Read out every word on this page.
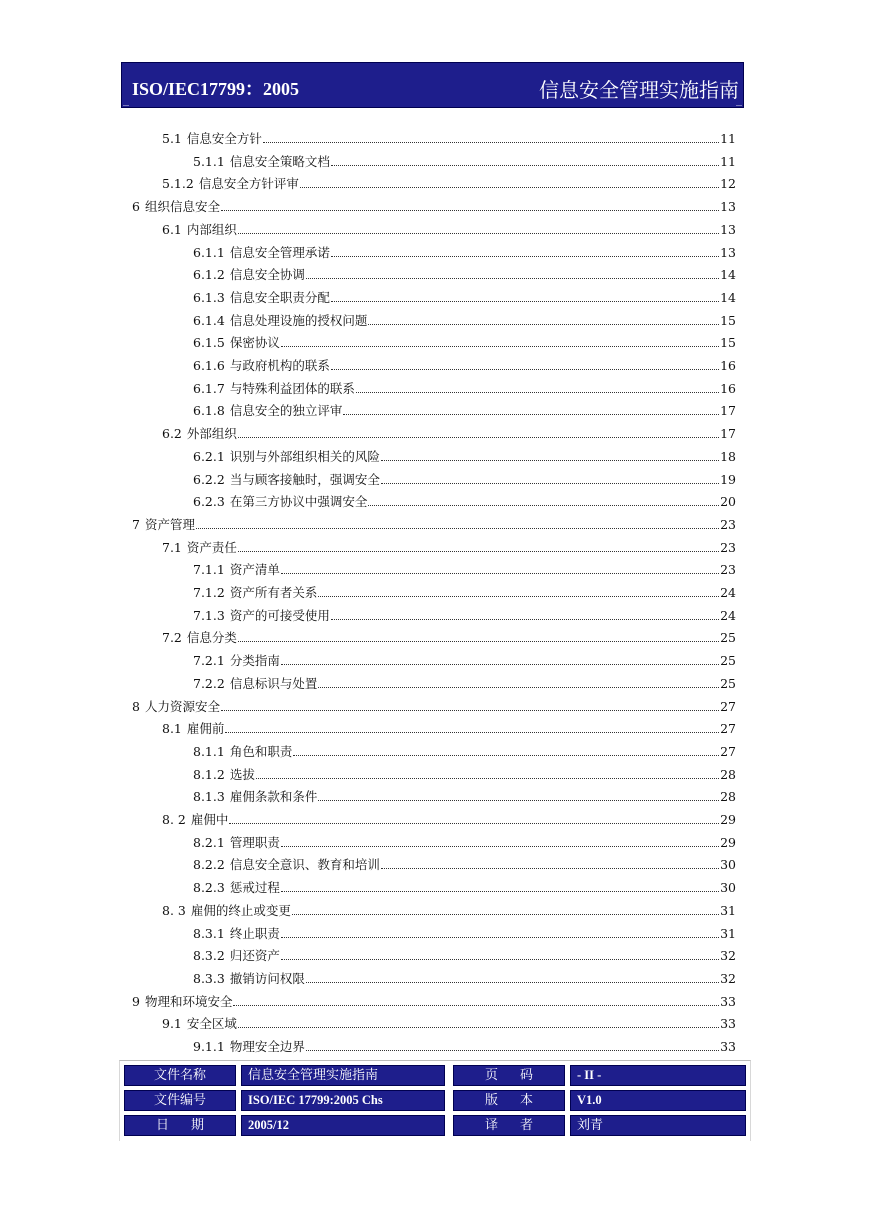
ISO/IEC17799：2005	信息安全管理实施指南
5.1 信息安全方针	11
5.1.1 信息安全策略文档	11
5.1.2 信息安全方针评审	12
6 组织信息安全	13
6.1 内部组织	13
6.1.1 信息安全管理承诺	13
6.1.2 信息安全协调	14
6.1.3 信息安全职责分配	14
6.1.4 信息处理设施的授权问题	15
6.1.5 保密协议	15
6.1.6 与政府机构的联系	16
6.1.7 与特殊利益团体的联系	16
6.1.8 信息安全的独立评审	17
6.2 外部组织	17
6.2.1 识别与外部组织相关的风险	18
6.2.2 当与顾客接触时，强调安全	19
6.2.3 在第三方协议中强调安全	20
7 资产管理	23
7.1 资产责任	23
7.1.1 资产清单	23
7.1.2 资产所有者关系	24
7.1.3 资产的可接受使用	24
7.2 信息分类	25
7.2.1 分类指南	25
7.2.2 信息标识与处置	25
8 人力资源安全	27
8.1 雇佣前	27
8.1.1 角色和职责	27
8.1.2 选拔	28
8.1.3 雇佣条款和条件	28
8. 2 雇佣中	29
8.2.1 管理职责	29
8.2.2 信息安全意识、教育和培训	30
8.2.3 惩戒过程	30
8. 3 雇佣的终止或变更	31
8.3.1 终止职责	31
8.3.2 归还资产	32
8.3.3 撤销访问权限	32
9 物理和环境安全	33
9.1 安全区域	33
9.1.1 物理安全边界	33
文件名称	信息安全管理实施指南	页码	- II -
文件编号	ISO/IEC 17799:2005 Chs	版本	V1.0
日期	2005/12	译者	刘青
